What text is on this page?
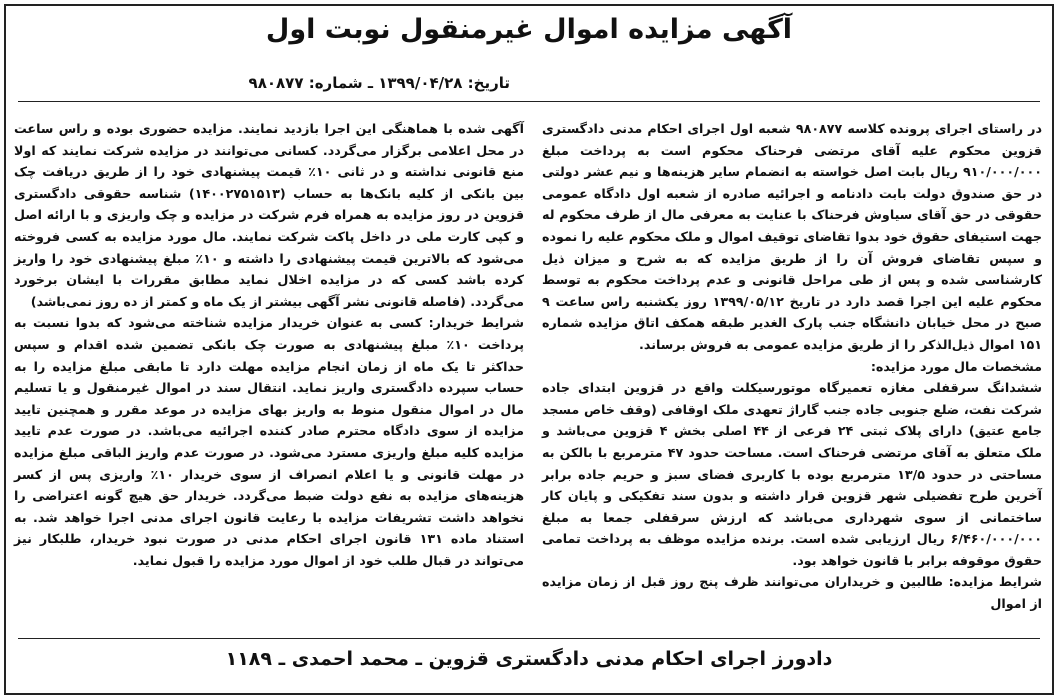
آگهی مزایده اموال غیرمنقول نوبت اول
تاریخ: ۱۳۹۹/۰۴/۲۸ ـ شماره: ۹۸۰۸۷۷

در راستای اجرای پرونده کلاسه ۹۸۰۸۷۷ شعبه اول اجرای احکام مدنی دادگستری قزوین محکوم علیه آقای مرتضی فرحناک محکوم است به پرداخت مبلغ ۹۱۰/۰۰۰/۰۰۰ ریال بابت اصل خواسته به انضمام سایر هزینه‌ها و نیم عشر دولتی در حق صندوق دولت بابت دادنامه و اجرائیه صادره از شعبه اول دادگاه عمومی حقوقی در حق آقای سیاوش فرحناک با عنایت به معرفی مال از طرف محکوم له جهت استیفای حقوق خود بدوا تقاضای توقیف اموال و ملک محکوم علیه را نموده و سپس تقاضای فروش آن را از طریق مزایده که به شرح و میزان ذیل کارشناسی شده و پس از طی مراحل قانونی و عدم پرداخت محکوم به توسط محکوم علیه این اجرا قصد دارد در تاریخ ۱۳۹۹/۰۵/۱۲ روز یکشنبه راس ساعت ۹ صبح در محل خیابان دانشگاه جنب پارک الغدیر طبقه همکف اتاق مزایده شماره ۱۵۱ اموال ذیل‌الذکر را از طریق مزایده عمومی به فروش برساند.

مشخصات مال مورد مزایده:
ششدانگ سرقفلی مغازه تعمیرگاه موتورسیکلت واقع در قزوین ابتدای جاده شرکت نفت، ضلع جنوبی جاده جنب گاراژ تعهدی ملک اوقافی (وقف خاص مسجد جامع عتیق) دارای پلاک ثبتی ۲۴ فرعی از ۴۴ اصلی بخش ۴ قزوین می‌باشد و ملک متعلق به آقای مرتضی فرحناک است. مساحت حدود ۴۷ مترمربع با بالکن به مساحتی در حدود ۱۳/۵ مترمربع بوده با کاربری فضای سبز و حریم جاده برابر آخرین طرح تفضیلی شهر قزوین قرار داشته و بدون سند تفکیکی و پایان کار ساختمانی از سوی شهرداری می‌باشد که ارزش سرقفلی جمعا به مبلغ ۶/۴۶۰/۰۰۰/۰۰۰ ریال ارزیابی شده است. برنده مزایده موظف به پرداخت تمامی حقوق موقوفه برابر با قانون خواهد بود.

شرایط مزایده: طالبین و خریداران می‌توانند ظرف پنج روز قبل از زمان مزایده از اموال

آگهی شده با هماهنگی این اجرا بازدید نمایند. مزایده حضوری بوده و راس ساعت در محل اعلامی برگزار می‌گردد. کسانی می‌توانند در مزایده شرکت نمایند که اولا منع قانونی نداشته و در ثانی ۱۰٪ قیمت پیشنهادی خود را از طریق دریافت چک بین بانکی از کلیه بانک‌ها به حساب (۱۴۰۰۲۷۵۱۵۱۳) شناسه حقوقی دادگستری قزوین در روز مزایده به همراه فرم شرکت در مزایده و چک واریزی و با ارائه اصل و کپی کارت ملی در داخل پاکت شرکت نمایند. مال مورد مزایده به کسی فروخته می‌شود که بالاترین قیمت پیشنهادی را داشته و ۱۰٪ مبلغ پیشنهادی خود را واریز کرده باشد کسی که در مزایده اخلال نماید مطابق مقررات با ایشان برخورد می‌گردد. (فاصله قانونی نشر آگهی بیشتر از یک ماه و کمتر از ده روز نمی‌باشد)

شرایط خریدار: کسی به عنوان خریدار مزایده شناخته می‌شود که بدوا نسبت به پرداخت ۱۰٪ مبلغ پیشنهادی به صورت چک بانکی تضمین شده اقدام و سپس حداکثر تا یک ماه از زمان انجام مزایده مهلت دارد تا مابقی مبلغ مزایده را به حساب سپرده دادگستری واریز نماید. انتقال سند در اموال غیرمنقول و یا تسلیم مال در اموال منقول منوط به واریز بهای مزایده در موعد مقرر و همچنین تایید مزایده از سوی دادگاه محترم صادر کننده اجرائیه می‌باشد. در صورت عدم تایید مزایده کلیه مبلغ واریزی مسترد می‌شود. در صورت عدم واریز الباقی مبلغ مزایده در مهلت قانونی و یا اعلام انصراف از سوی خریدار ۱۰٪ واریزی پس از کسر هزینه‌های مزایده به نفع دولت ضبط می‌گردد. خریدار حق هیچ گونه اعتراضی را نخواهد داشت تشریفات مزایده با رعایت قانون اجرای مدنی اجرا خواهد شد. به استناد ماده ۱۳۱ قانون اجرای احکام مدنی در صورت نبود خریدار، طلبکار نیز می‌تواند در قبال طلب خود از اموال مورد مزایده را قبول نماید.

دادورز اجرای احکام مدنی دادگستری قزوین ـ محمد احمدی ـ ۱۱۸۹
